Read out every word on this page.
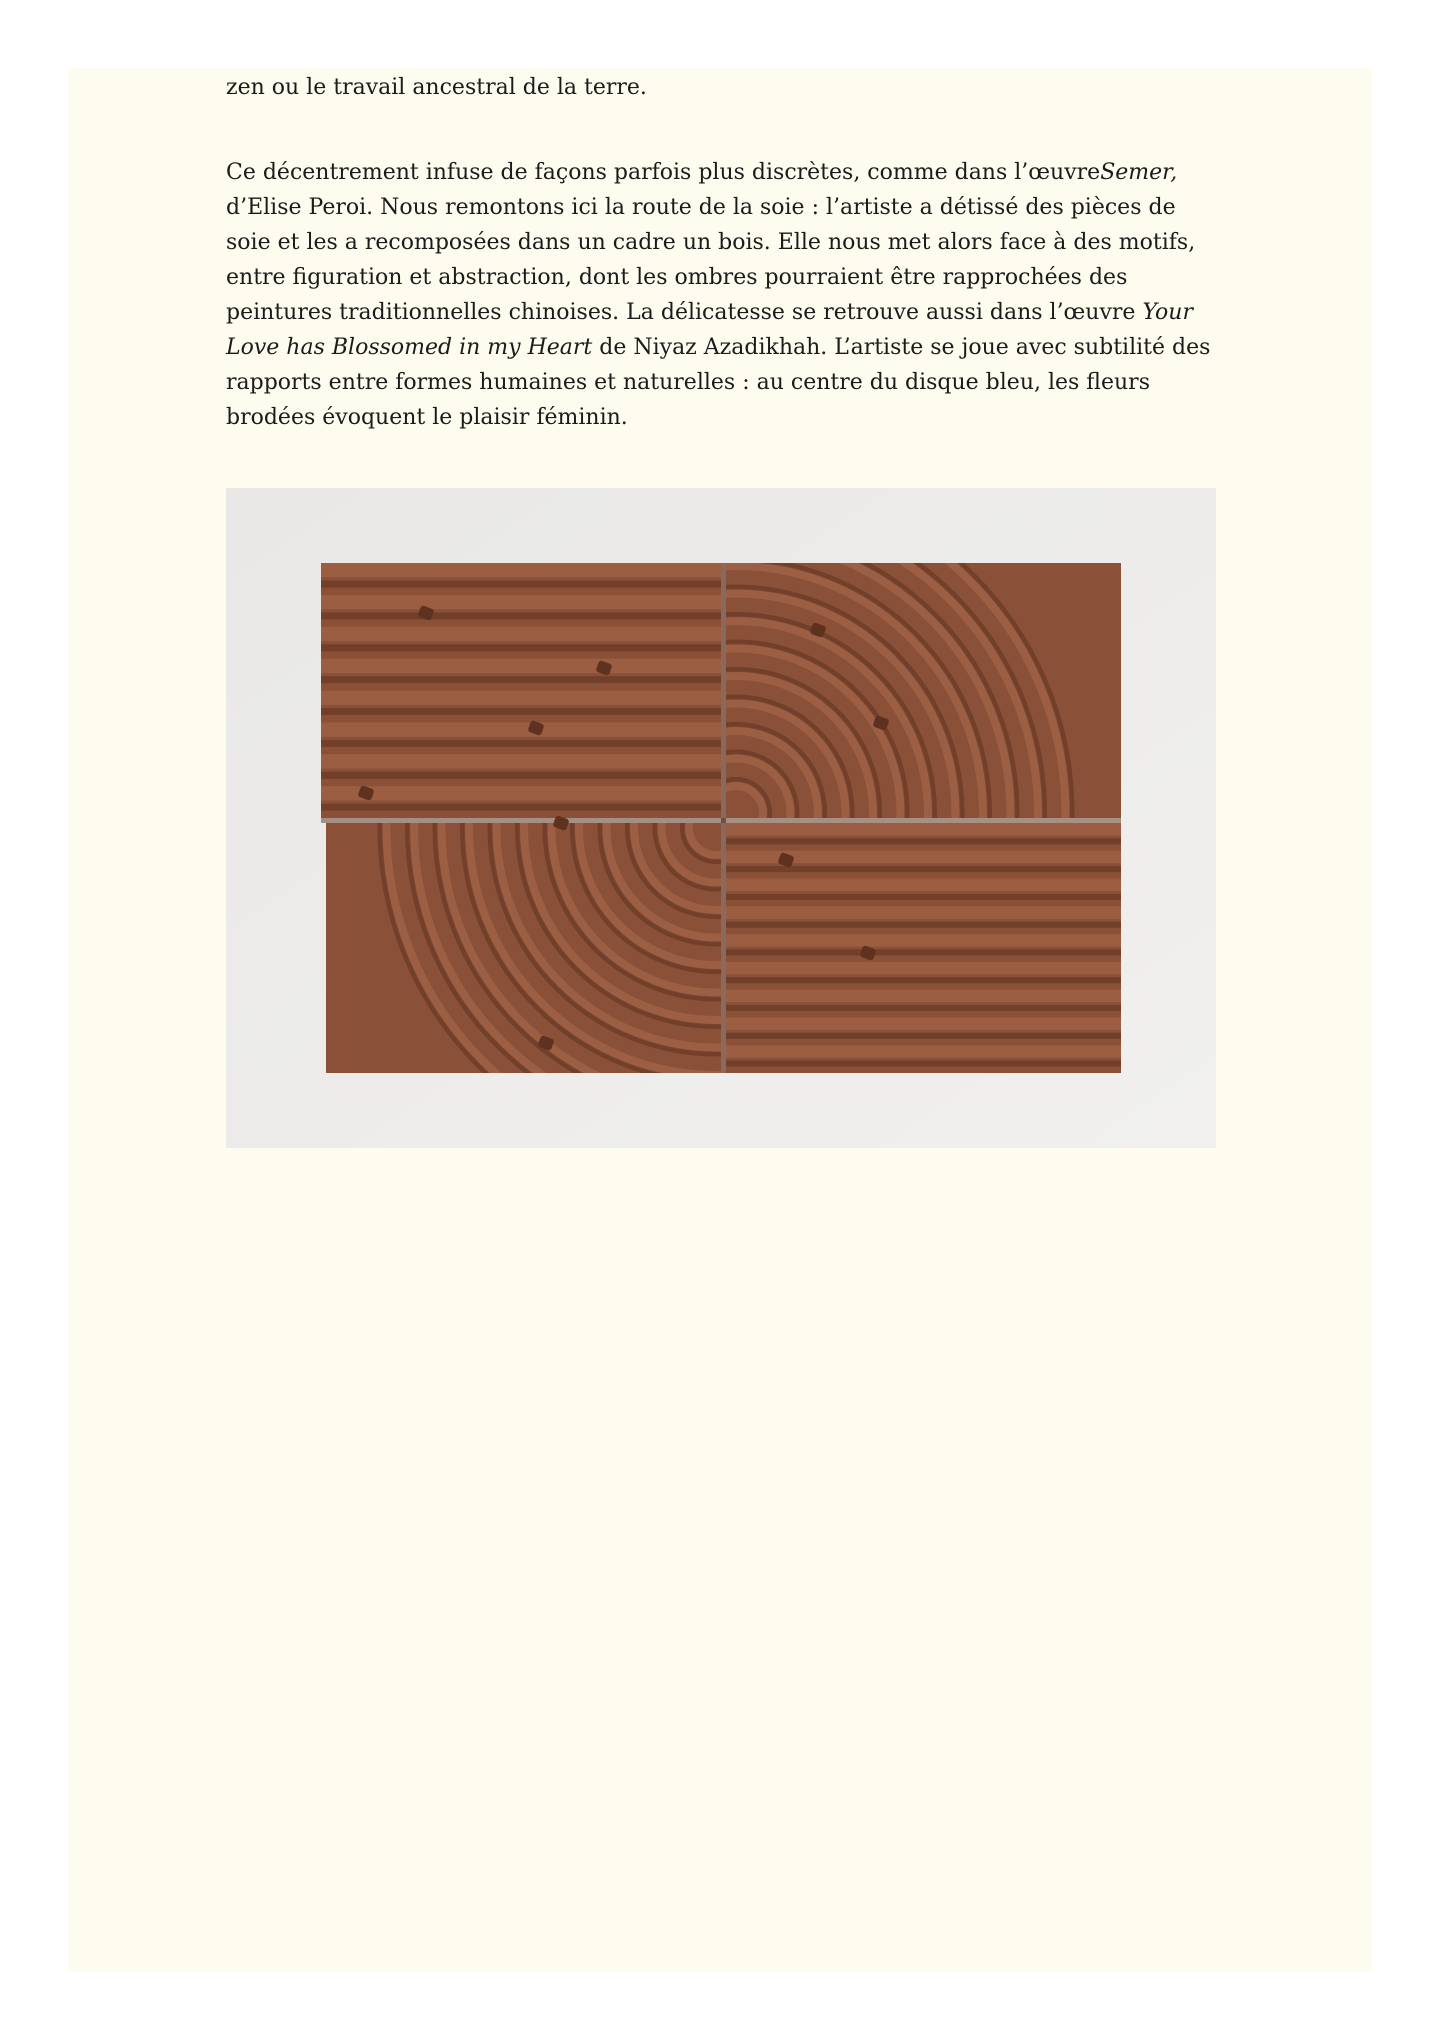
zen ou le travail ancestral de la terre.

Ce décentrement infuse de façons parfois plus discrètes, comme dans l’œuvreSemer, d’Elise Peroi. Nous remontons ici la route de la soie : l’artiste a détissé des pièces de soie et les a recomposées dans un cadre un bois. Elle nous met alors face à des motifs, entre figuration et abstraction, dont les ombres pourraient être rapprochées des peintures traditionnelles chinoises. La délicatesse se retrouve aussi dans l’œuvre Your Love has Blossomed in my Heart de Niyaz Azadikhah. L’artiste se joue avec subtilité des rapports entre formes humaines et naturelles : au centre du disque bleu, les fleurs brodées évoquent le plaisir féminin.
